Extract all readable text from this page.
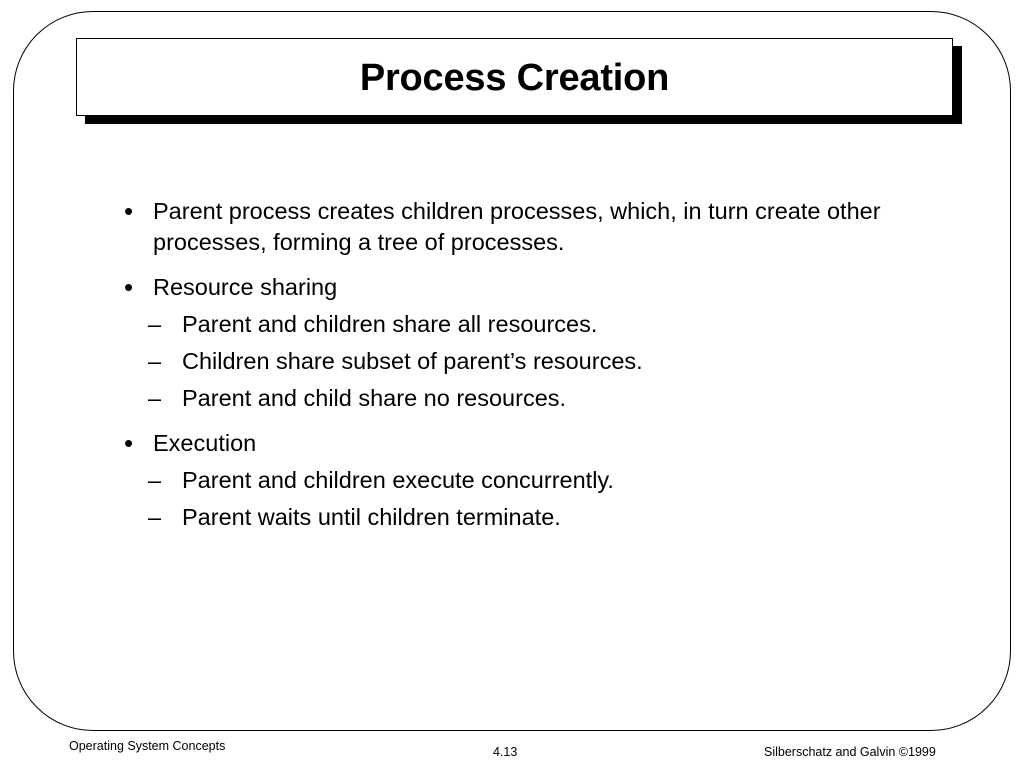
Process Creation
• Parent process creates children processes, which, in turn create other processes, forming a tree of processes.
• Resource sharing
– Parent and children share all resources.
– Children share subset of parent’s resources.
– Parent and child share no resources.
• Execution
– Parent and children execute concurrently.
– Parent waits until children terminate.
Operating System Concepts	4.13	Silberschatz and Galvin ©1999
